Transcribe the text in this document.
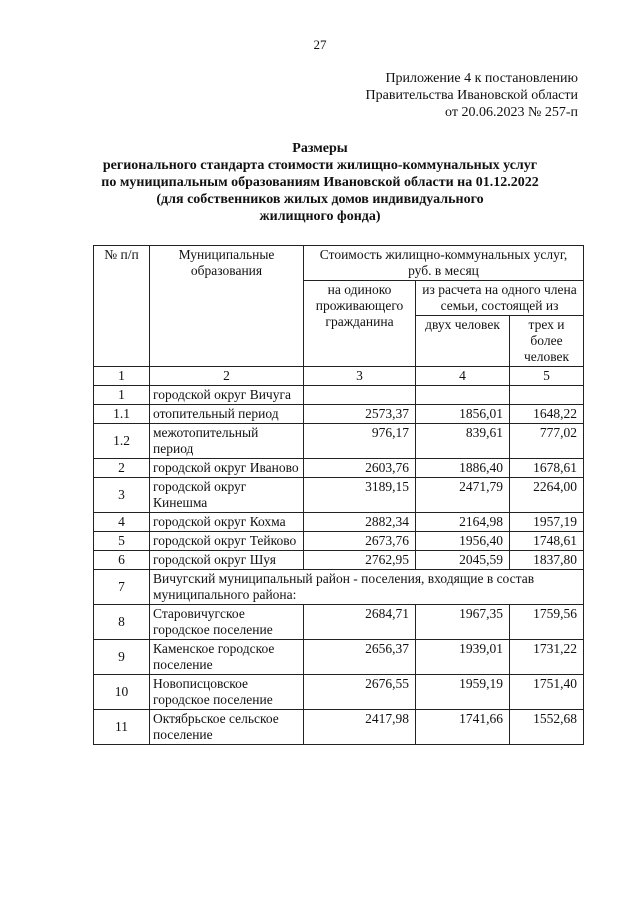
27
Приложение 4 к постановлению
Правительства Ивановской области
от 20.06.2023 № 257-п
Размеры
регионального стандарта стоимости жилищно-коммунальных услуг
по муниципальным образованиям Ивановской области на 01.12.2022
(для собственников жилых домов индивидуального
жилищного фонда)
№ п/п	Муниципальные образования	Стоимость жилищно-коммунальных услуг, руб. в месяц		
		на одиноко проживающего гражданина	из расчета на одного члена семьи, состоящей из	
			двух человек	трех и более человек
1	2	3	4	5
1	городской округ Вичуга			
1.1	отопительный период	2573,37	1856,01	1648,22
1.2	межотопительный период	976,17	839,61	777,02
2	городской округ Иваново	2603,76	1886,40	1678,61
3	городской округ Кинешма	3189,15	2471,79	2264,00
4	городской округ Кохма	2882,34	2164,98	1957,19
5	городской округ Тейково	2673,76	1956,40	1748,61
6	городской округ Шуя	2762,95	2045,59	1837,80
7	Вичугский муниципальный район - поселения, входящие в состав муниципального района:			
8	Старовичугское городское поселение	2684,71	1967,35	1759,56
9	Каменское городское поселение	2656,37	1939,01	1731,22
10	Новописцовское городское поселение	2676,55	1959,19	1751,40
11	Октябрьское сельское поселение	2417,98	1741,66	1552,68
